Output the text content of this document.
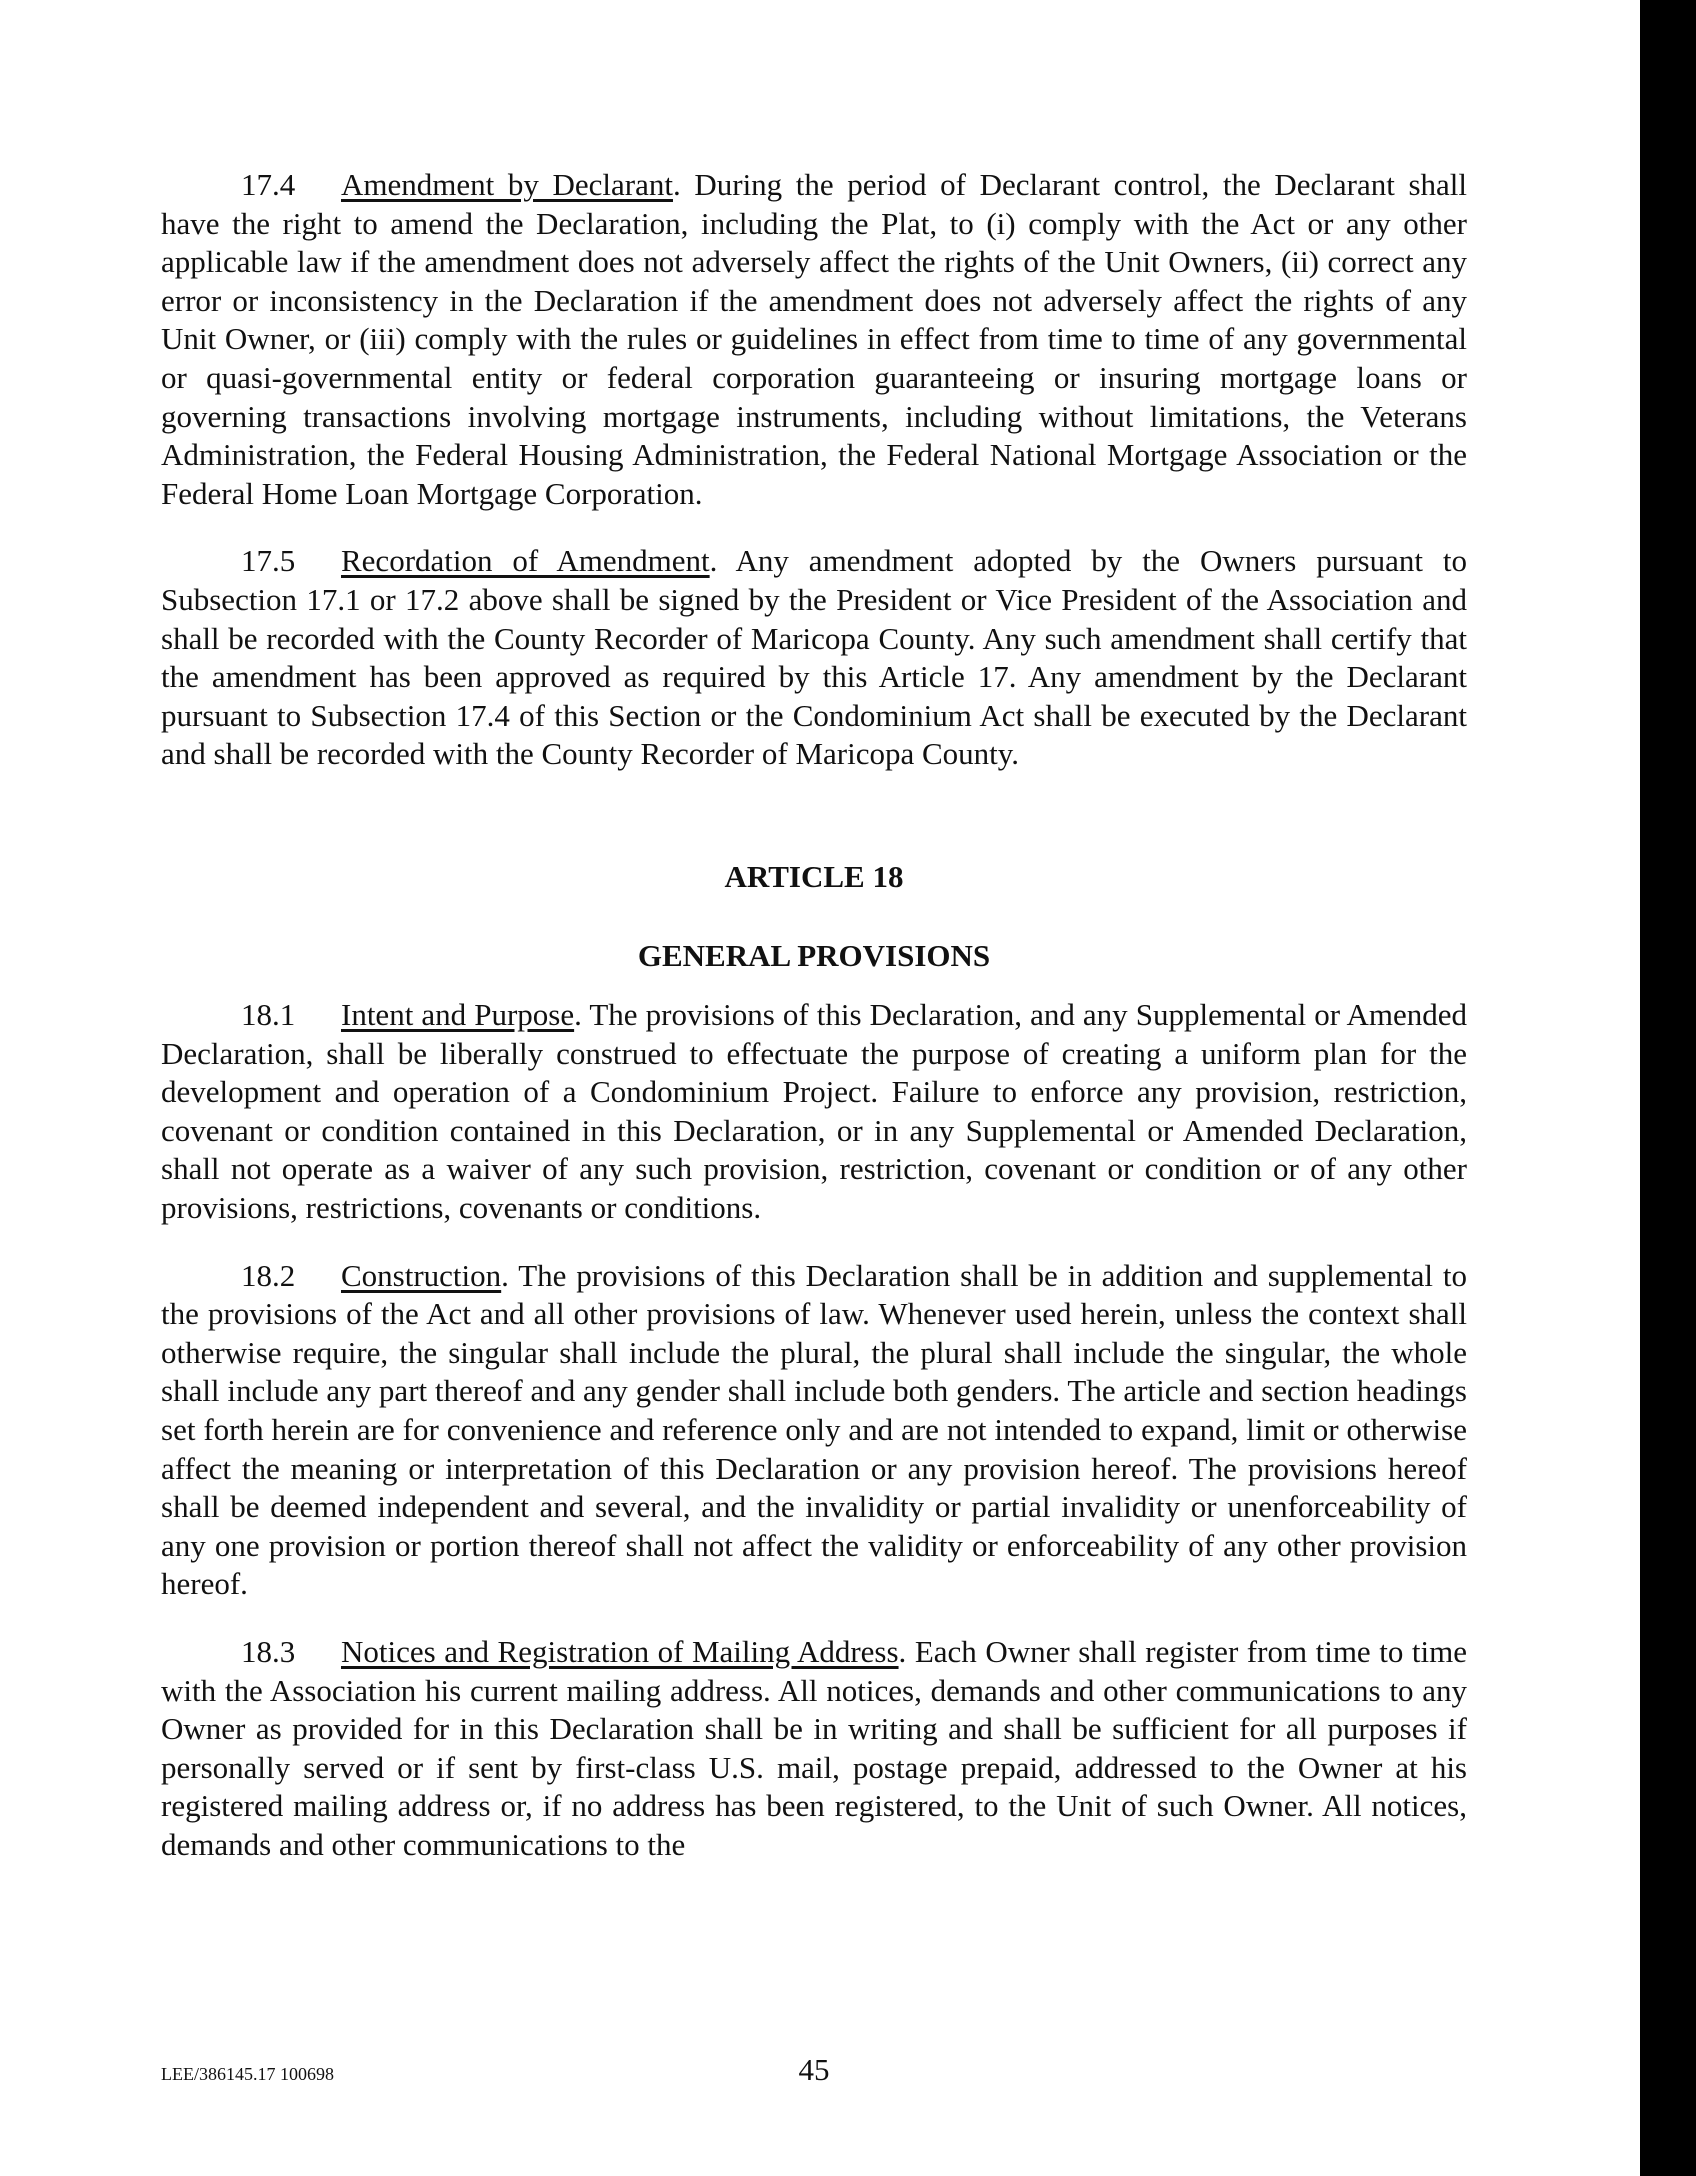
17.4 Amendment by Declarant. During the period of Declarant control, the Declarant shall have the right to amend the Declaration, including the Plat, to (i) comply with the Act or any other applicable law if the amendment does not adversely affect the rights of the Unit Owners, (ii) correct any error or inconsistency in the Declaration if the amendment does not adversely affect the rights of any Unit Owner, or (iii) comply with the rules or guidelines in effect from time to time of any governmental or quasi-governmental entity or federal corporation guaranteeing or insuring mortgage loans or governing transactions involving mortgage instruments, including without limitations, the Veterans Administration, the Federal Housing Administration, the Federal National Mortgage Association or the Federal Home Loan Mortgage Corporation.

17.5 Recordation of Amendment. Any amendment adopted by the Owners pursuant to Subsection 17.1 or 17.2 above shall be signed by the President or Vice President of the Association and shall be recorded with the County Recorder of Maricopa County. Any such amendment shall certify that the amendment has been approved as required by this Article 17. Any amendment by the Declarant pursuant to Subsection 17.4 of this Section or the Condominium Act shall be executed by the Declarant and shall be recorded with the County Recorder of Maricopa County.

ARTICLE 18

GENERAL PROVISIONS

18.1 Intent and Purpose. The provisions of this Declaration, and any Supplemental or Amended Declaration, shall be liberally construed to effectuate the purpose of creating a uniform plan for the development and operation of a Condominium Project. Failure to enforce any provision, restriction, covenant or condition contained in this Declaration, or in any Supplemental or Amended Declaration, shall not operate as a waiver of any such provision, restriction, covenant or condition or of any other provisions, restrictions, covenants or conditions.

18.2 Construction. The provisions of this Declaration shall be in addition and supplemental to the provisions of the Act and all other provisions of law. Whenever used herein, unless the context shall otherwise require, the singular shall include the plural, the plural shall include the singular, the whole shall include any part thereof and any gender shall include both genders. The article and section headings set forth herein are for convenience and reference only and are not intended to expand, limit or otherwise affect the meaning or interpretation of this Declaration or any provision hereof. The provisions hereof shall be deemed independent and several, and the invalidity or partial invalidity or unenforceability of any one provision or portion thereof shall not affect the validity or enforceability of any other provision hereof.

18.3 Notices and Registration of Mailing Address. Each Owner shall register from time to time with the Association his current mailing address. All notices, demands and other communications to any Owner as provided for in this Declaration shall be in writing and shall be sufficient for all purposes if personally served or if sent by first-class U.S. mail, postage prepaid, addressed to the Owner at his registered mailing address or, if no address has been registered, to the Unit of such Owner. All notices, demands and other communications to the

LEE/386145.17 100698	45
